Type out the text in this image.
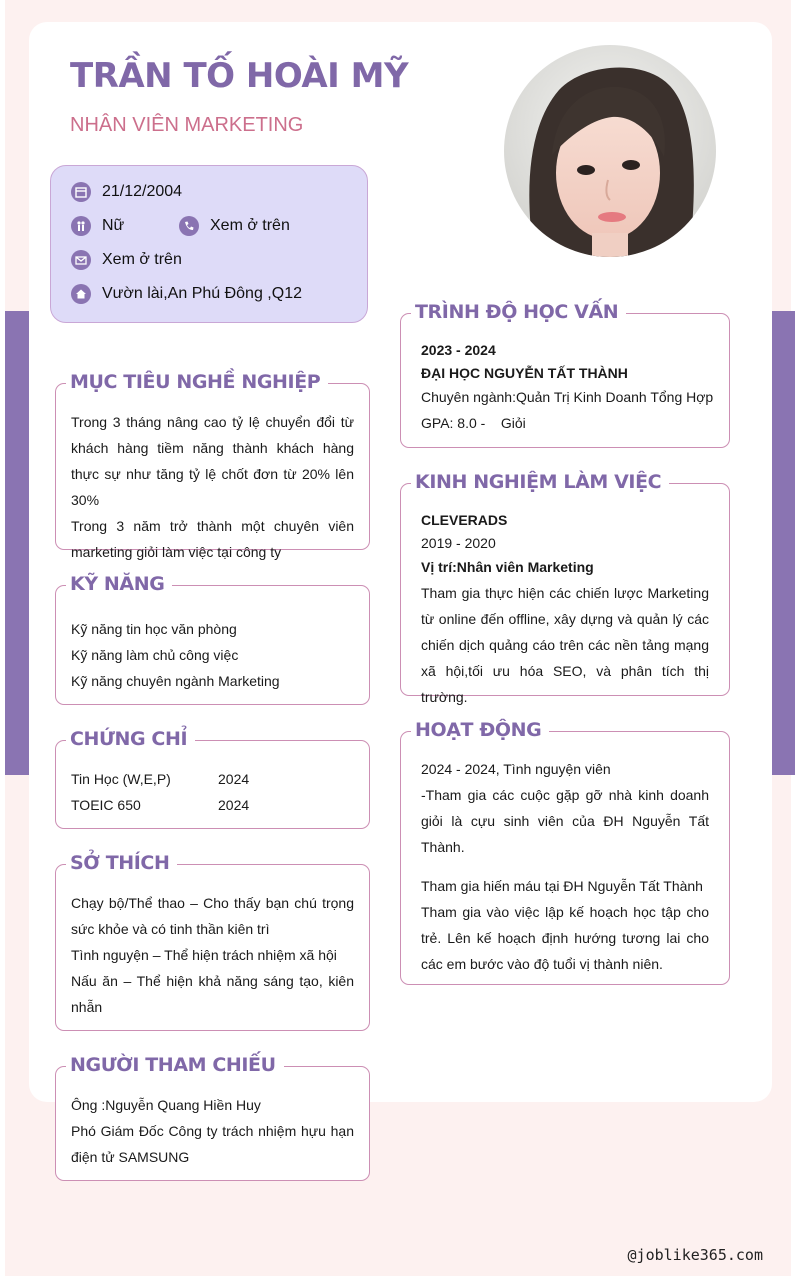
TRẦN TỐ HOÀI MỸ
NHÂN VIÊN MARKETING
21/12/2004
Nữ	Xem ở trên
Xem ở trên
Vườn lài,An Phú Đông ,Q12
MỤC TIÊU NGHỀ NGHIỆP
Trong 3 tháng nâng cao tỷ lệ chuyển đổi từ khách hàng tiềm năng thành khách hàng thực sự như tăng tỷ lệ chốt đơn từ 20% lên 30%
Trong 3 năm trở thành một chuyên viên marketing giỏi làm việc tại công ty
KỸ NĂNG
Kỹ năng tin học văn phòng
Kỹ năng làm chủ công việc
Kỹ năng chuyên ngành Marketing
CHỨNG CHỈ
Tin Học (W,E,P)	2024
TOEIC 650	2024
SỞ THÍCH
Chạy bộ/Thể thao – Cho thấy bạn chú trọng sức khỏe và có tinh thần kiên trì
Tình nguyện – Thể hiện trách nhiệm xã hội
Nấu ăn – Thể hiện khả năng sáng tạo, kiên nhẫn
NGƯỜI THAM CHIẾU
Ông :Nguyễn Quang Hiền Huy
Phó Giám Đốc Công ty trách nhiệm hựu hạn điện tử SAMSUNG
TRÌNH ĐỘ HỌC VẤN
2023 - 2024
ĐẠI HỌC NGUYỄN TẤT THÀNH
Chuyên ngành:Quản Trị Kinh Doanh Tổng Hợp
GPA: 8.0 -    Giỏi
KINH NGHIỆM LÀM VIỆC
CLEVERADS
2019 - 2020
Vị trí:Nhân viên Marketing
Tham gia thực hiện các chiến lược Marketing từ online đến offline, xây dựng và quản lý các chiến dịch quảng cáo trên các nền tảng mạng xã hội,tối ưu hóa SEO, và phân tích thị trường.
HOẠT ĐỘNG
2024 - 2024, Tình nguyện viên
-Tham gia các cuộc gặp gỡ nhà kinh doanh giỏi là cựu sinh viên của ĐH Nguyễn Tất Thành.
Tham gia hiến máu tại ĐH Nguyễn Tất Thành
Tham gia vào việc lập kế hoạch học tập cho trẻ. Lên kế hoạch định hướng tương lai cho các em bước vào độ tuổi vị thành niên.
@joblike365.com
